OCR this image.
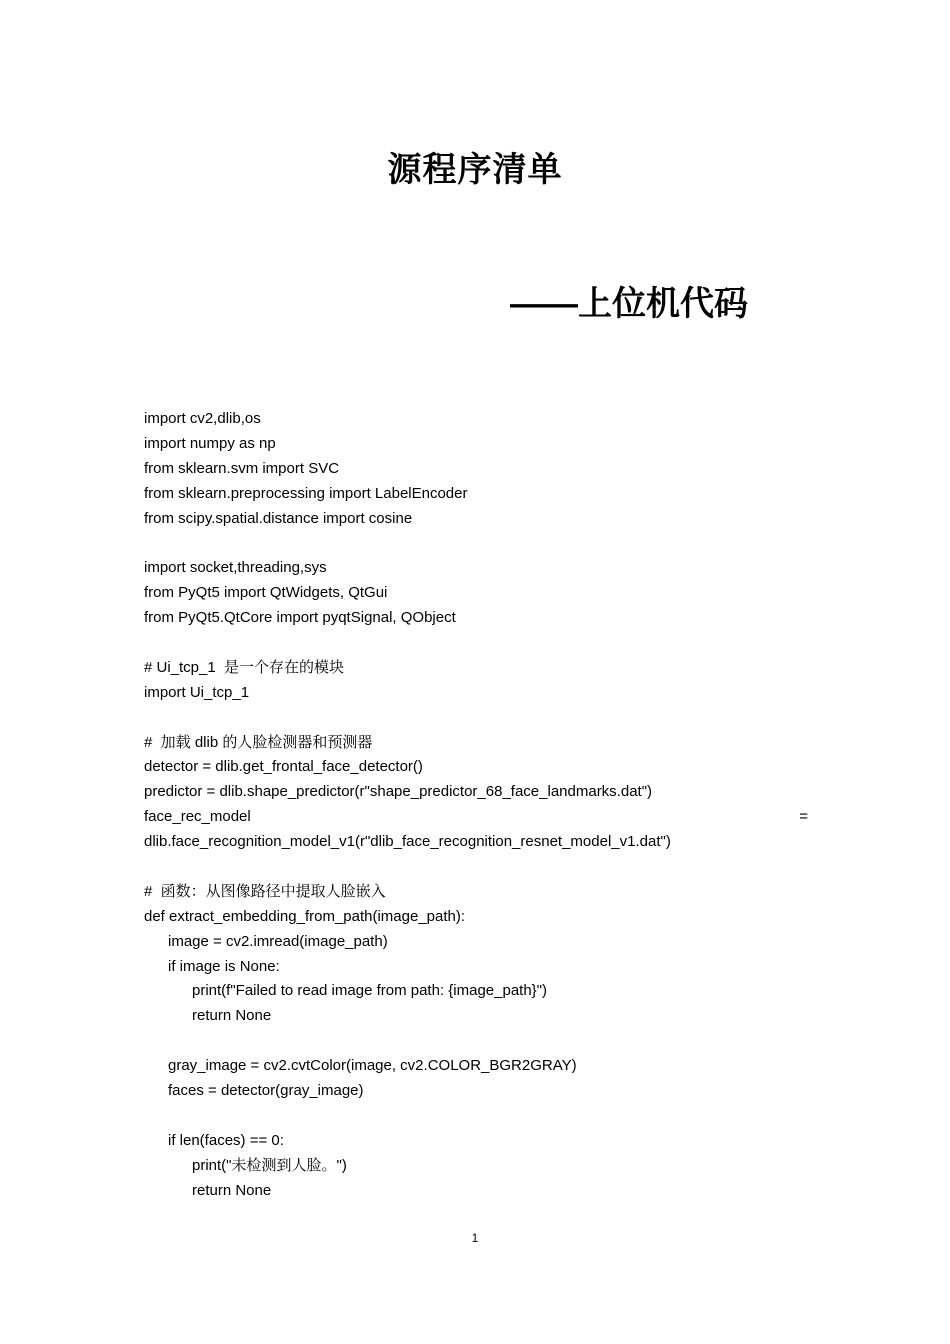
源程序清单
——上位机代码
import cv2,dlib,os
import numpy as np
from sklearn.svm import SVC
from sklearn.preprocessing import LabelEncoder
from scipy.spatial.distance import cosine
import socket,threading,sys
from PyQt5 import QtWidgets, QtGui
from PyQt5.QtCore import pyqtSignal, QObject
# Ui_tcp_1  是一个存在的模块
import Ui_tcp_1
#  加载 dlib 的人脸检测器和预测器
detector = dlib.get_frontal_face_detector()
predictor = dlib.shape_predictor(r"shape_predictor_68_face_landmarks.dat")
face_rec_model	=
dlib.face_recognition_model_v1(r"dlib_face_recognition_resnet_model_v1.dat")
#  函数：从图像路径中提取人脸嵌入
def extract_embedding_from_path(image_path):
image = cv2.imread(image_path)
if image is None:
print(f"Failed to read image from path: {image_path}")
return None
gray_image = cv2.cvtColor(image, cv2.COLOR_BGR2GRAY)
faces = detector(gray_image)
if len(faces) == 0:
print("未检测到人脸。")
return None
1
